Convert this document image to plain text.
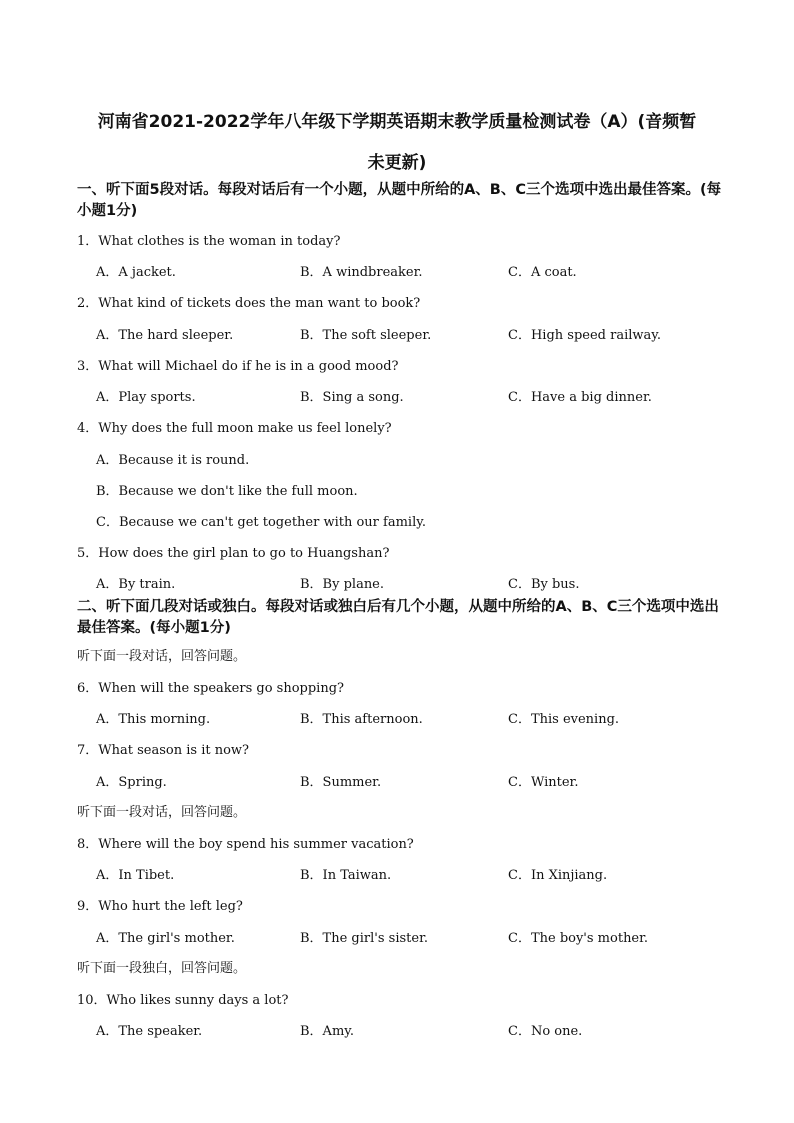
河南省2021-2022学年八年级下学期英语期末教学质量检测试卷（A）(音频暂
未更新)
一、听下面5段对话。每段对话后有一个小题，从题中所给的A、B、C三个选项中选出最佳答案。(每小题1分)
1．What clothes is the woman in today?
A．A jacket.	B．A windbreaker.	C．A coat.
2．What kind of tickets does the man want to book?
A．The hard sleeper.	B．The soft sleeper.	C．High speed railway.
3．What will Michael do if he is in a good mood?
A．Play sports.	B．Sing a song.	C．Have a big dinner.
4．Why does the full moon make us feel lonely?
A．Because it is round.
B．Because we don't like the full moon.
C．Because we can't get together with our family.
5．How does the girl plan to go to Huangshan?
A．By train.	B．By plane.	C．By bus.
二、听下面几段对话或独白。每段对话或独白后有几个小题，从题中所给的A、B、C三个选项中选出最佳答案。(每小题1分)
听下面一段对话，回答问题。
6．When will the speakers go shopping?
A．This morning.	B．This afternoon.	C．This evening.
7．What season is it now?
A．Spring.	B．Summer.	C．Winter.
听下面一段对话，回答问题。
8．Where will the boy spend his summer vacation?
A．In Tibet.	B．In Taiwan.	C．In Xinjiang.
9．Who hurt the left leg?
A．The girl's mother.	B．The girl's sister.	C．The boy's mother.
听下面一段独白，回答问题。
10．Who likes sunny days a lot?
A．The speaker.	B．Amy.	C．No one.
